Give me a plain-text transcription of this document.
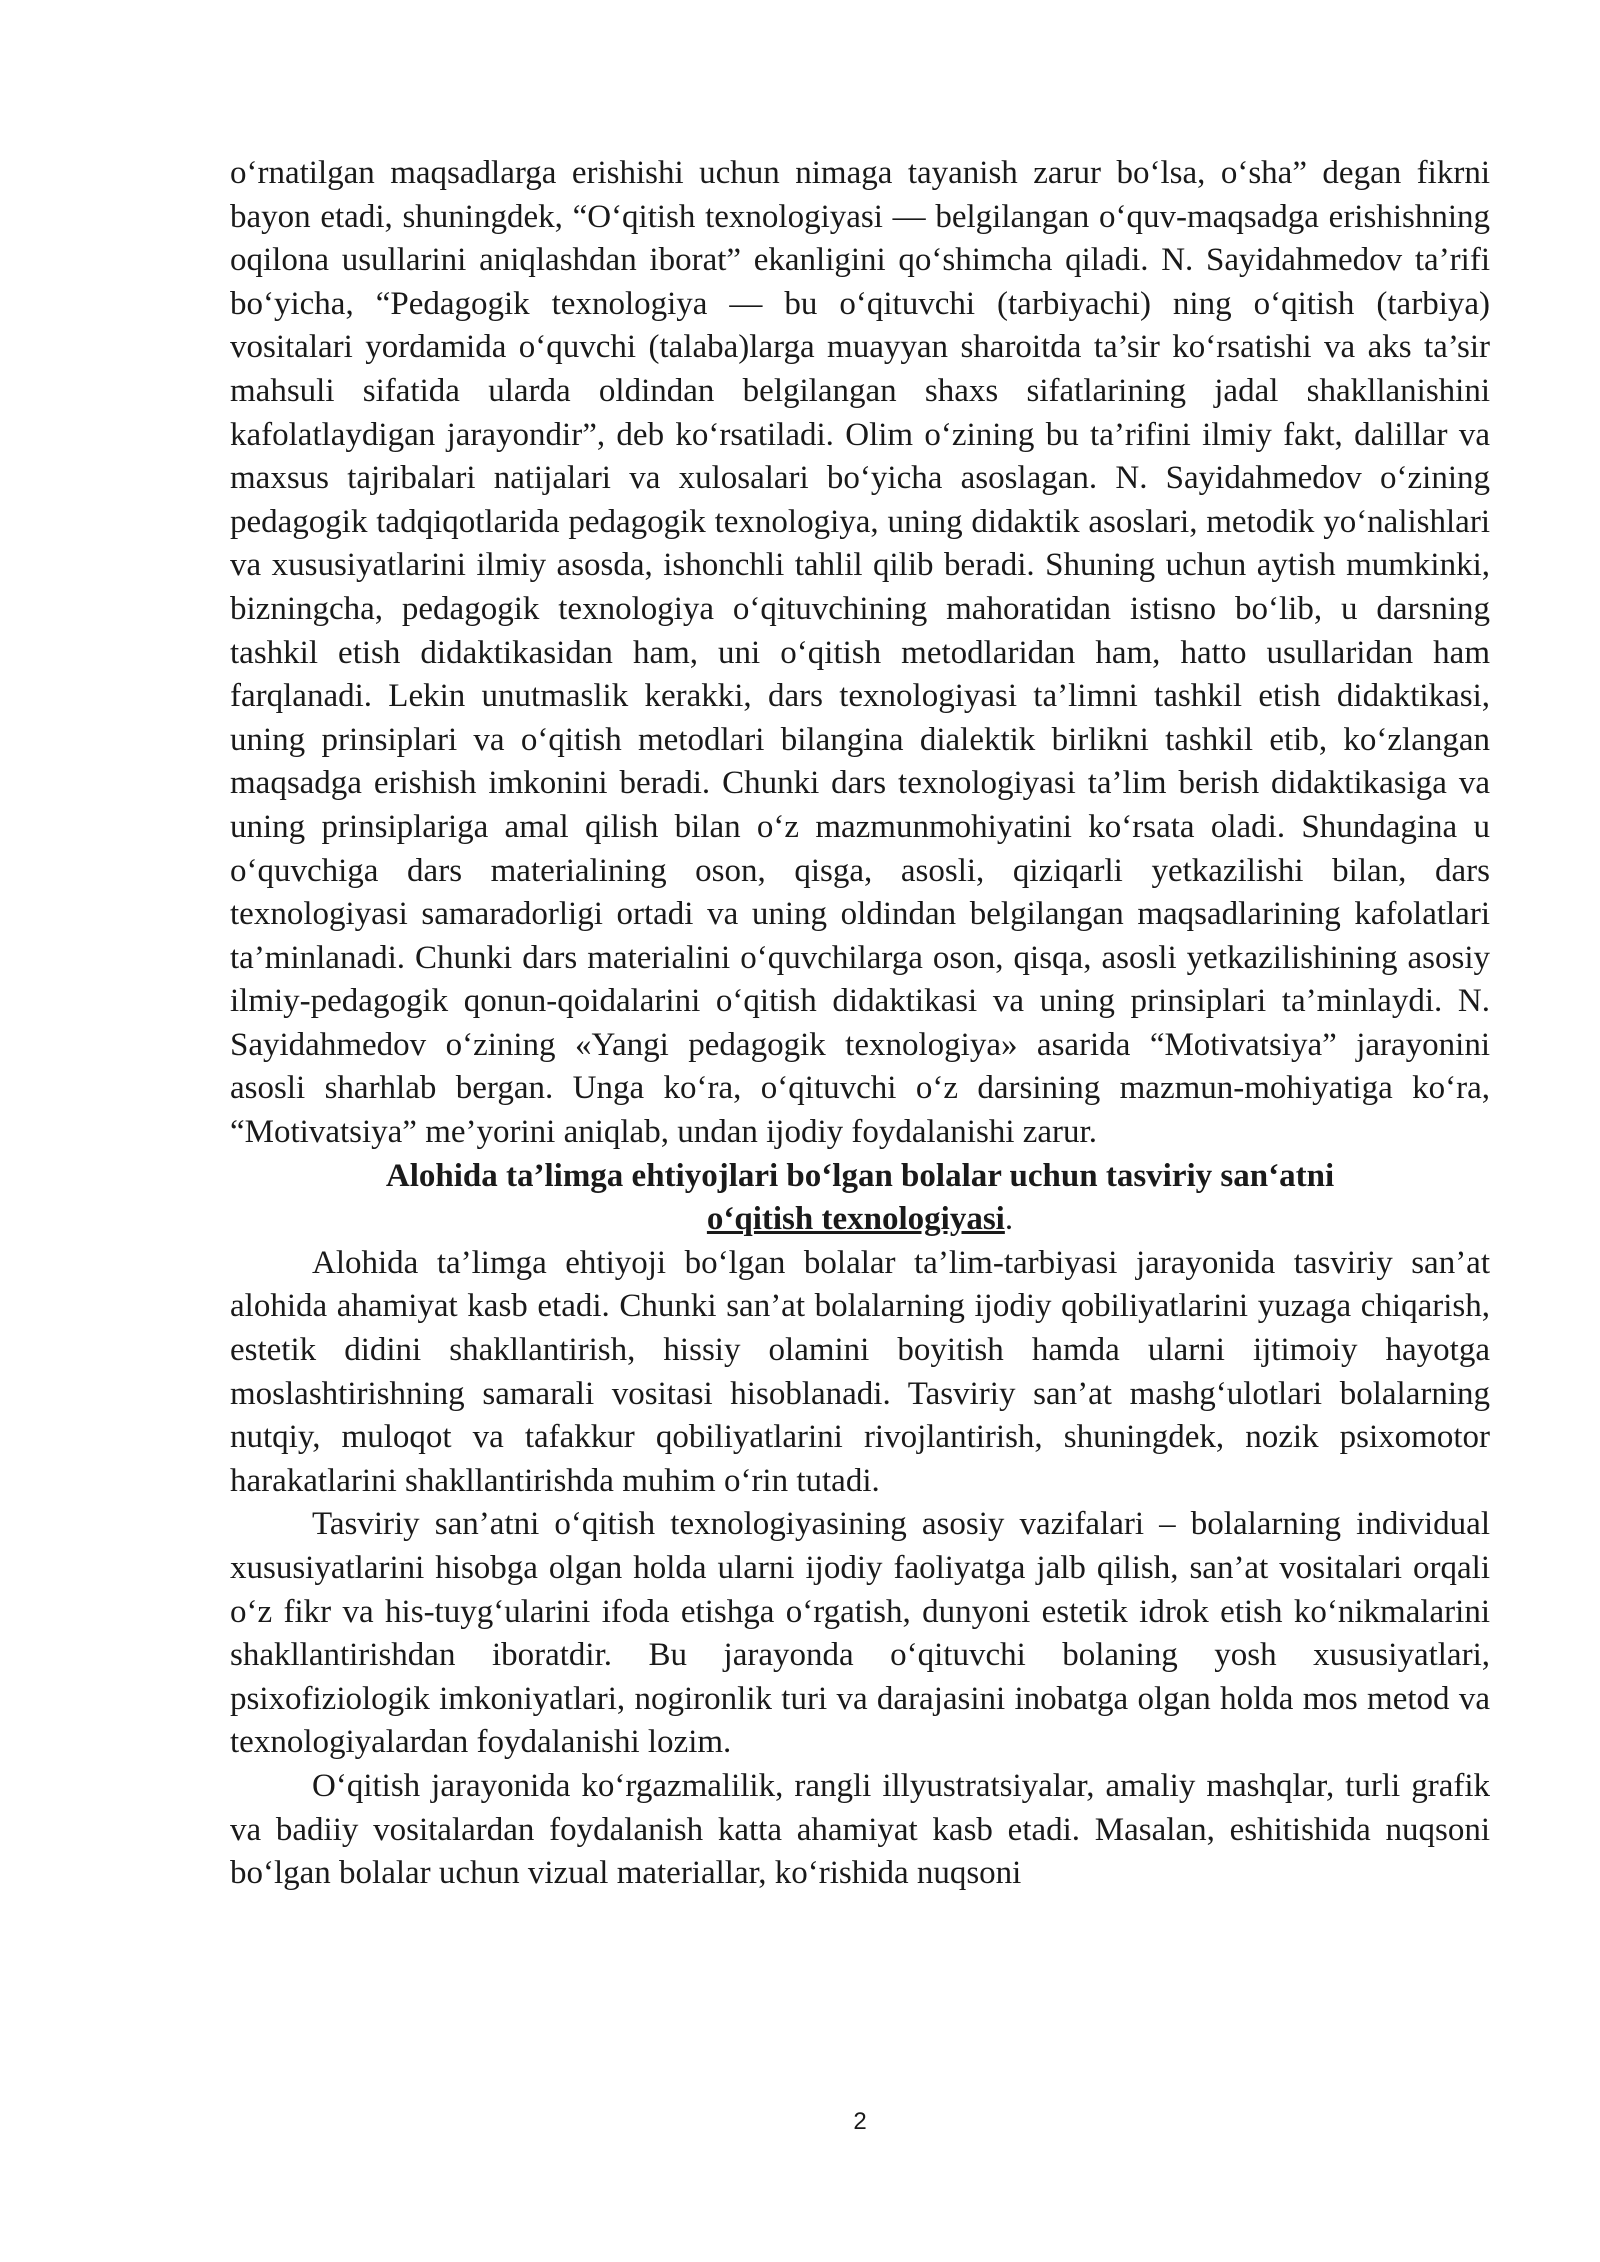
o‘rnatilgan maqsadlarga erishishi uchun nimaga tayanish zarur bo‘lsa, o‘sha” degan fikrni bayon etadi, shuningdek, “O‘qitish texnologiyasi — belgilangan o‘quv-maqsadga erishishning oqilona usullarini aniqlashdan iborat” ekanligini qo‘shimcha qiladi. N. Sayidahmedov ta’rifi bo‘yicha, “Pedagogik texnologiya — bu o‘qituvchi (tarbiyachi) ning o‘qitish (tarbiya) vositalari yordamida o‘quvchi (talaba)larga muayyan sharoitda ta’sir ko‘rsatishi va aks ta’sir mahsuli sifatida ularda oldindan belgilangan shaxs sifatlarining jadal shakllanishini kafolatlaydigan jarayondir”, deb ko‘rsatiladi. Olim o‘zining bu ta’rifini ilmiy fakt, dalillar va maxsus tajribalari natijalari va xulosalari bo‘yicha asoslagan. N. Sayidahmedov o‘zining pedagogik tadqiqotlarida pedagogik texnologiya, uning didaktik asoslari, metodik yo‘nalishlari va xususiyatlarini ilmiy asosda, ishonchli tahlil qilib beradi. Shuning uchun aytish mumkinki, bizningcha, pedagogik texnologiya o‘qituvchining mahoratidan istisno bo‘lib, u darsning tashkil etish didaktikasidan ham, uni o‘qitish metodlaridan ham, hatto usullaridan ham farqlanadi. Lekin unutmaslik kerakki, dars texnologiyasi ta’limni tashkil etish didaktikasi, uning prinsiplari va o‘qitish metodlari bilangina dialektik birlikni tashkil etib, ko‘zlangan maqsadga erishish imkonini beradi. Chunki dars texnologiyasi ta’lim berish didaktikasiga va uning prinsiplariga amal qilish bilan o‘z mazmunmohiyatini ko‘rsata oladi. Shundagina u o‘quvchiga dars materialining oson, qisga, asosli, qiziqarli yetkazilishi bilan, dars texnologiyasi samaradorligi ortadi va uning oldindan belgilangan maqsadlarining kafolatlari ta’minlanadi. Chunki dars materialini o‘quvchilarga oson, qisqa, asosli yetkazilishining asosiy ilmiy-pedagogik qonun-qoidalarini o‘qitish didaktikasi va uning prinsiplari ta’minlaydi. N. Sayidahmedov o‘zining «Yangi pedagogik texnologiya» asarida “Motivatsiya” jarayonini asosli sharhlab bergan. Unga ko‘ra, o‘qituvchi o‘z darsining mazmun-mohiyatiga ko‘ra, “Motivatsiya” me’yorini aniqlab, undan ijodiy foydalanishi zarur.

Alohida ta’limga ehtiyojlari bo‘lgan bolalar uchun tasviriy san‘atni
o‘qitish texnologiyasi.

Alohida ta’limga ehtiyoji bo‘lgan bolalar ta’lim-tarbiyasi jarayonida tasviriy san’at alohida ahamiyat kasb etadi. Chunki san’at bolalarning ijodiy qobiliyatlarini yuzaga chiqarish, estetik didini shakllantirish, hissiy olamini boyitish hamda ularni ijtimoiy hayotga moslashtirishning samarali vositasi hisoblanadi. Tasviriy san’at mashg‘ulotlari bolalarning nutqiy, muloqot va tafakkur qobiliyatlarini rivojlantirish, shuningdek, nozik psixomotor harakatlarini shakllantirishda muhim o‘rin tutadi.

Tasviriy san’atni o‘qitish texnologiyasining asosiy vazifalari – bolalarning individual xususiyatlarini hisobga olgan holda ularni ijodiy faoliyatga jalb qilish, san’at vositalari orqali o‘z fikr va his-tuyg‘ularini ifoda etishga o‘rgatish, dunyoni estetik idrok etish ko‘nikmalarini shakllantirishdan iboratdir. Bu jarayonda o‘qituvchi bolaning yosh xususiyatlari, psixofiziologik imkoniyatlari, nogironlik turi va darajasini inobatga olgan holda mos metod va texnologiyalardan foydalanishi lozim.

O‘qitish jarayonida ko‘rgazmalilik, rangli illyustratsiyalar, amaliy mashqlar, turli grafik va badiiy vositalardan foydalanish katta ahamiyat kasb etadi. Masalan, eshitishida nuqsoni bo‘lgan bolalar uchun vizual materiallar, ko‘rishida nuqsoni

2
